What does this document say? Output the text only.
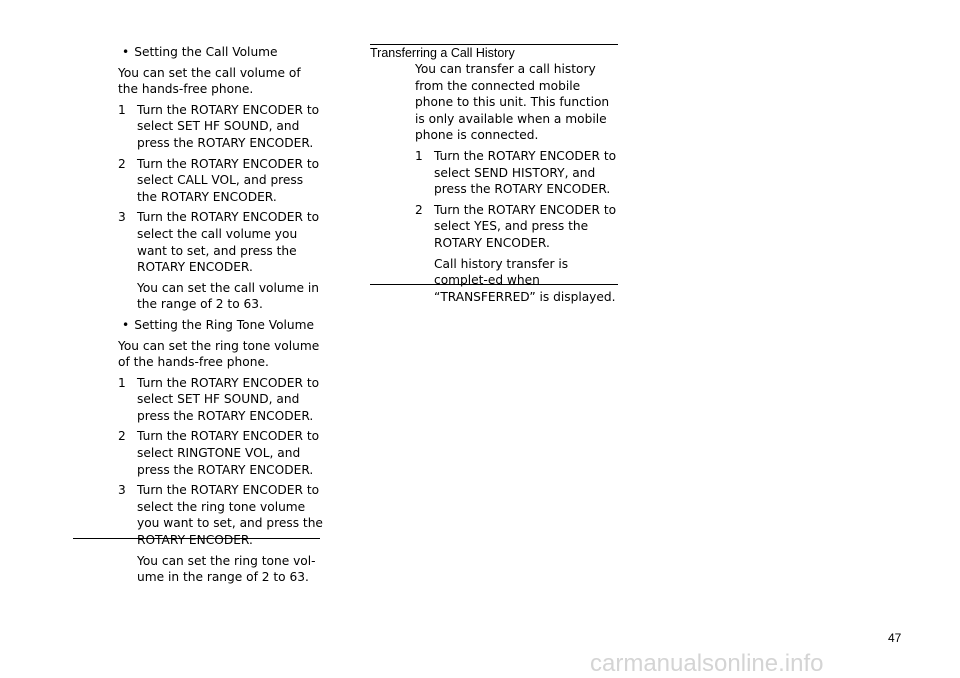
• Setting the Call Volume

You can set the call volume of the hands-free phone.

1 Turn the ROTARY ENCODER to select SET HF SOUND, and press the ROTARY ENCODER.
2 Turn the ROTARY ENCODER to select CALL VOL, and press the ROTARY ENCODER.
3 Turn the ROTARY ENCODER to select the call volume you want to set, and press the ROTARY ENCODER.

You can set the call volume in the range of 2 to 63.

• Setting the Ring Tone Volume

You can set the ring tone volume of the hands-free phone.

1 Turn the ROTARY ENCODER to select SET HF SOUND, and press the ROTARY ENCODER.
2 Turn the ROTARY ENCODER to select RINGTONE VOL, and press the ROTARY ENCODER.
3 Turn the ROTARY ENCODER to select the ring tone volume you want to set, and press the ROTARY ENCODER.

You can set the ring tone vol-ume in the range of 2 to 63.

Transferring a Call History

You can transfer a call history from the connected mobile phone to this unit. This function is only available when a mobile phone is connected.

1 Turn the ROTARY ENCODER to select SEND HISTORY, and press the ROTARY ENCODER.
2 Turn the ROTARY ENCODER to select YES, and press the ROTARY ENCODER.

Call history transfer is complet-ed when “TRANSFERRED” is displayed.

47
carmanualsonline.info
